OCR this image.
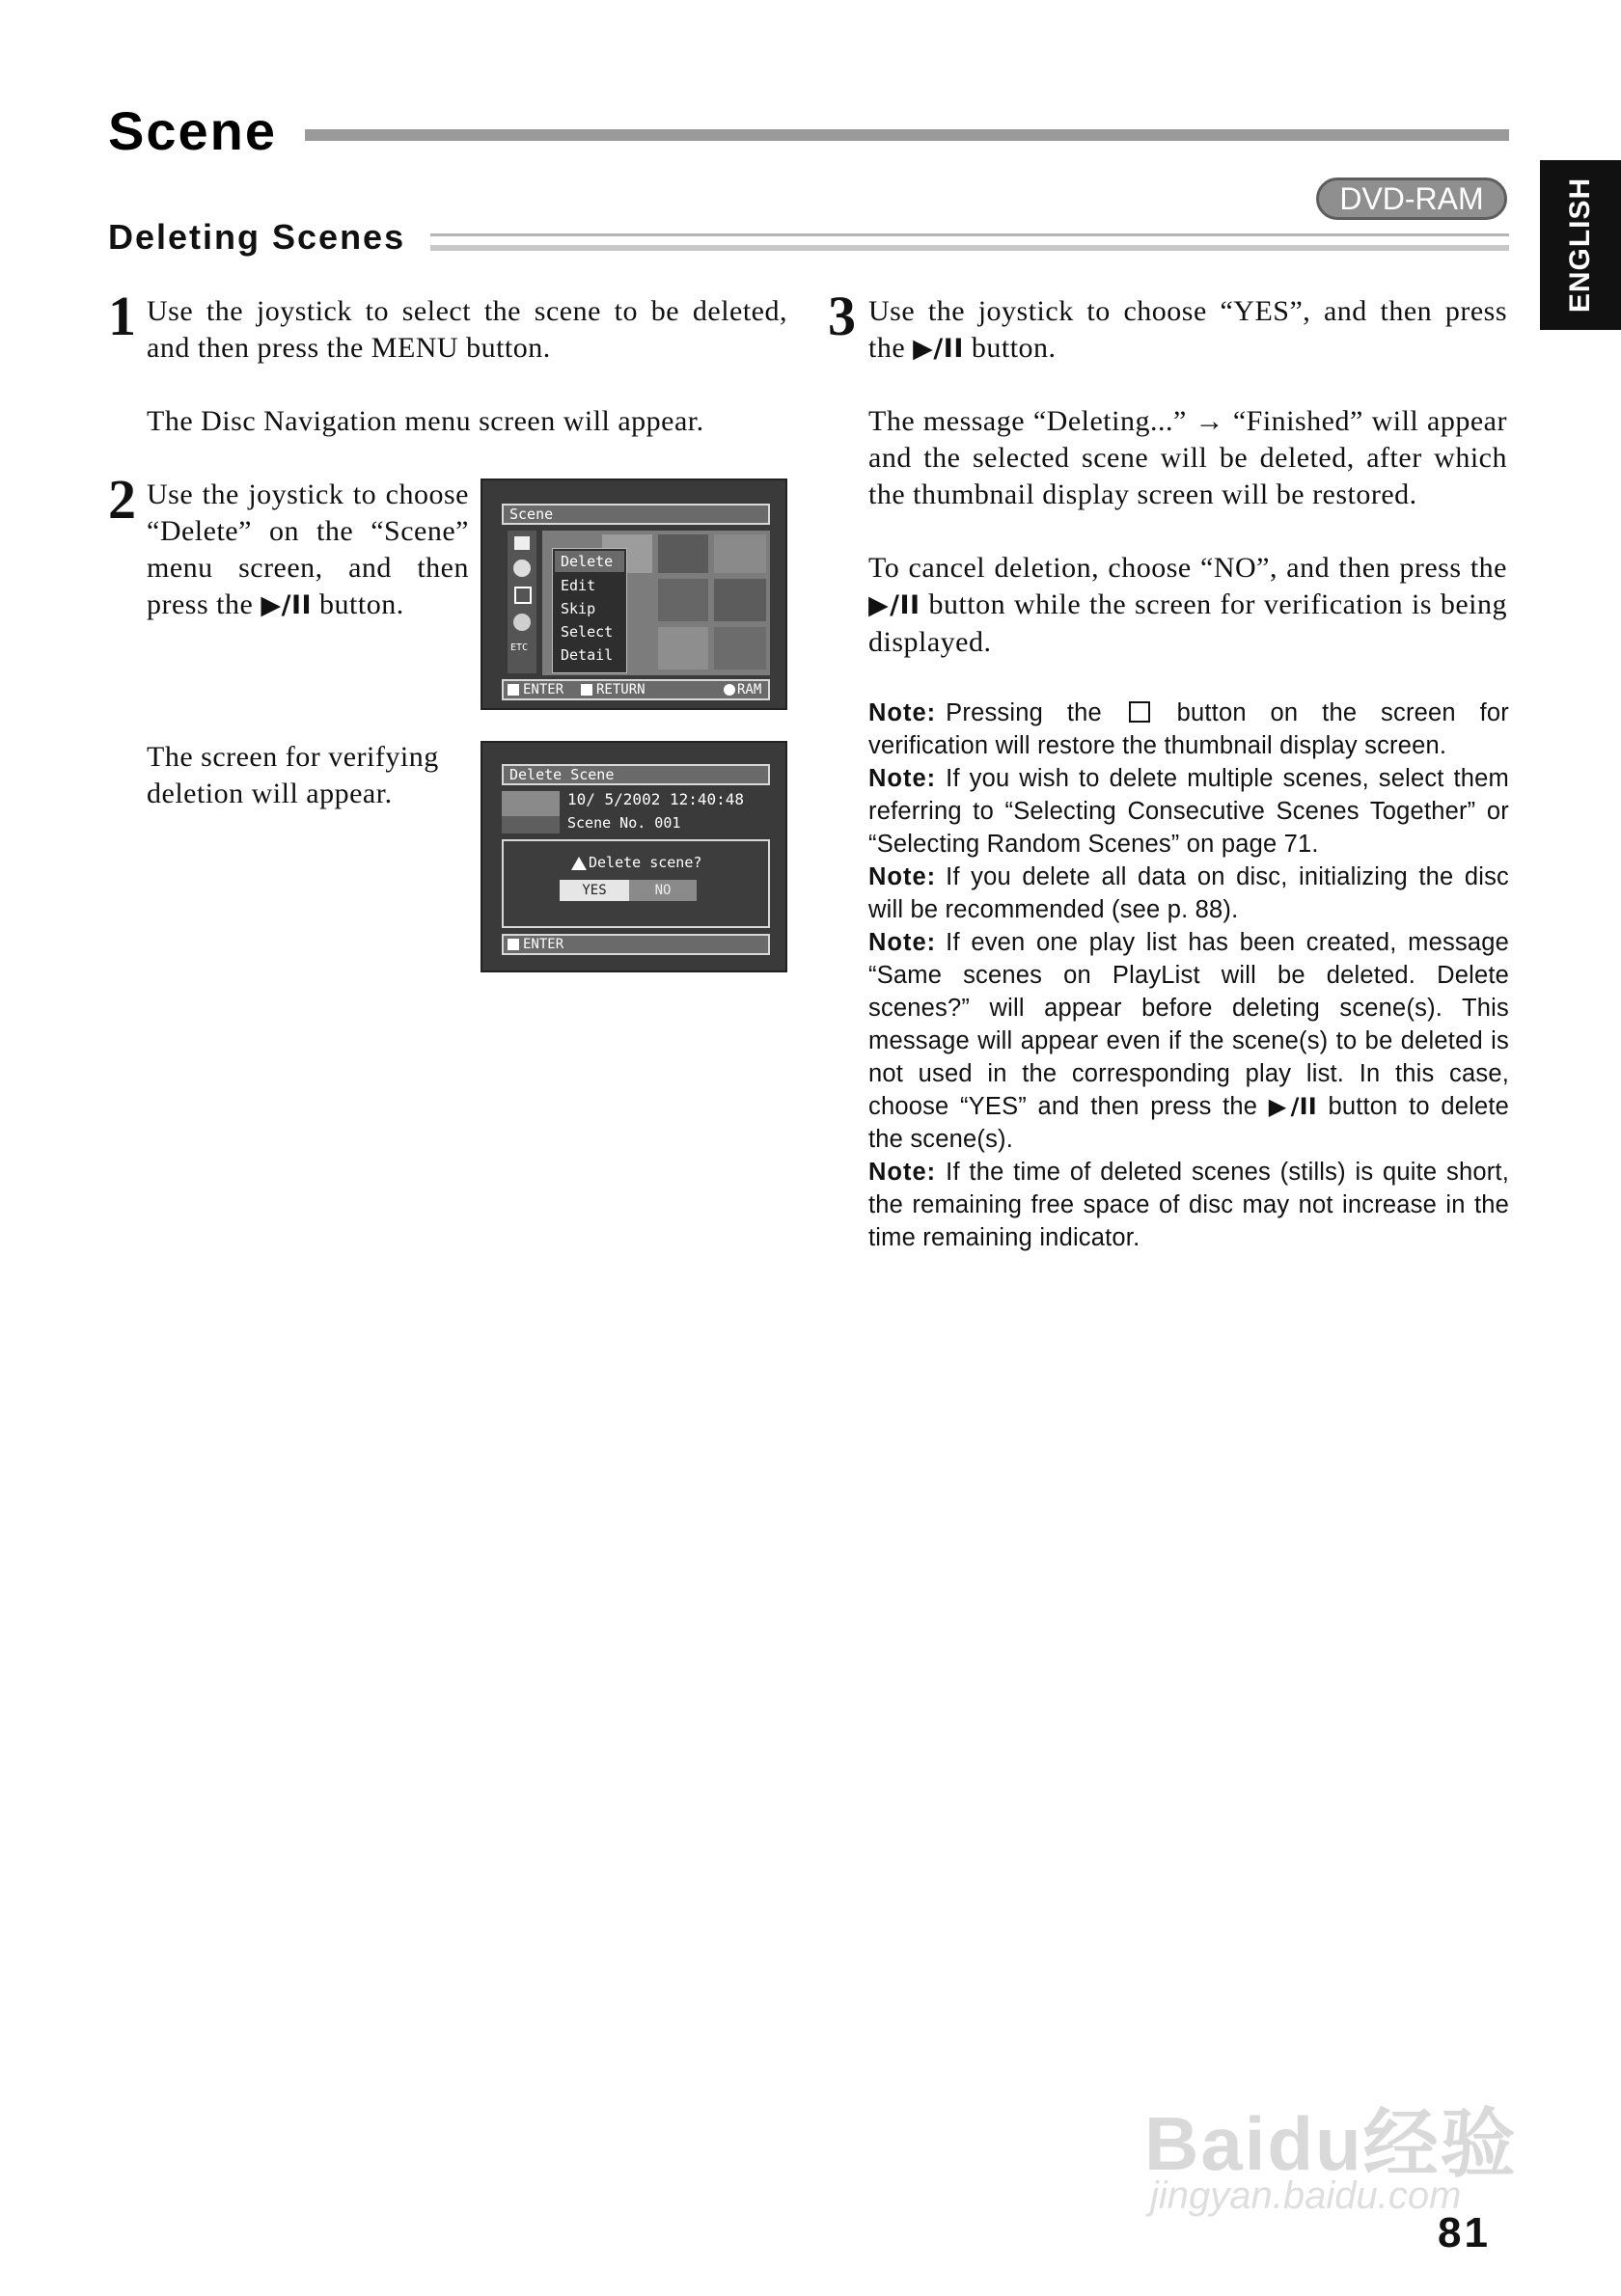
Scene
Deleting Scenes
DVD-RAM	ENGLISH
1 Use the joystick to select the scene to be deleted, and then press the MENU button.
The Disc Navigation menu screen will appear.
2 Use the joystick to choose “Delete” on the “Scene” menu screen, and then press the ▶/II button.
The screen for verifying deletion will appear.
Scene
ETC
Delete
Edit
Skip
Select
Detail
ENTER RETURN	RAM
Delete Scene
10/ 5/2002 12:40:48
Scene No. 001
Delete scene?
YES	NO
ENTER
3 Use the joystick to choose “YES”, and then press the ▶/II button.
The message “Deleting...” → “Finished” will appear and the selected scene will be deleted, after which the thumbnail display screen will be restored.
To cancel deletion, choose “NO”, and then press the ▶/II button while the screen for verification is being displayed.
Note: Pressing the	button on the screen for verification will restore the thumbnail display screen.
Note: If you wish to delete multiple scenes, select them referring to “Selecting Consecutive Scenes Together” or “Selecting Random Scenes” on page 71.
Note: If you delete all data on disc, initializing the disc will be recommended (see p. 88).
Note: If even one play list has been created, message “Same scenes on PlayList will be deleted. Delete scenes?” will appear before deleting scene(s). This message will appear even if the scene(s) to be deleted is not used in the corresponding play list. In this case, choose “YES” and then press the ▶/II button to delete the scene(s).
Note: If the time of deleted scenes (stills) is quite short, the remaining free space of disc may not increase in the time remaining indicator.
Baidu经验
jingyan.baidu.com
81
